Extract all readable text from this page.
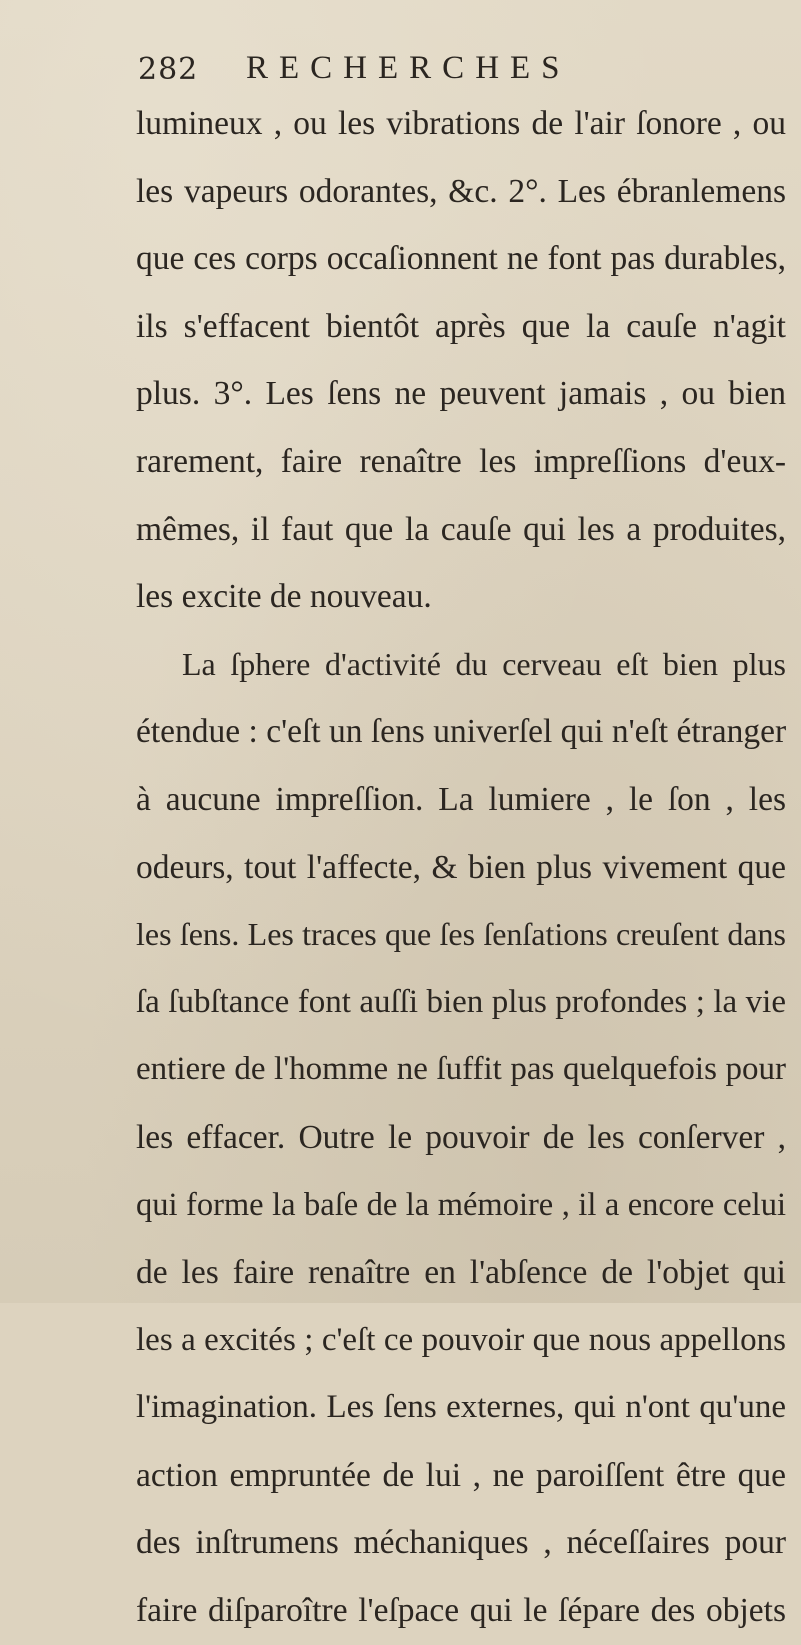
282 RECHERCHES
lumineux , ou les vibrations de l'air ſonore , ou
les vapeurs odorantes, &c. 2°. Les ébranlemens
que ces corps occaſionnent ne font pas durables,
ils s'effacent bientôt après que la cauſe n'agit
plus. 3°. Les ſens ne peuvent jamais , ou bien
rarement, faire renaître les impreſſions d'eux-
mêmes, il faut que la cauſe qui les a produites,
les excite de nouveau.
La ſphere d'activité du cerveau eſt bien plus
étendue : c'eſt un ſens univerſel qui n'eſt étranger
à aucune impreſſion. La lumiere , le ſon , les
odeurs, tout l'affecte, & bien plus vivement que
les ſens. Les traces que ſes ſenſations creuſent dans
ſa ſubſtance font auſſi bien plus profondes ; la vie
entiere de l'homme ne ſuffit pas quelquefois pour
les effacer. Outre le pouvoir de les conſerver ,
qui forme la baſe de la mémoire , il a encore celui
de les faire renaître en l'abſence de l'objet qui
les a excités ; c'eſt ce pouvoir que nous appellons
l'imagination. Les ſens externes, qui n'ont qu'une
action empruntée de lui , ne paroiſſent être que
des inſtrumens méchaniques , néceſſaires pour
faire diſparoître l'eſpace qui le ſépare des objets
